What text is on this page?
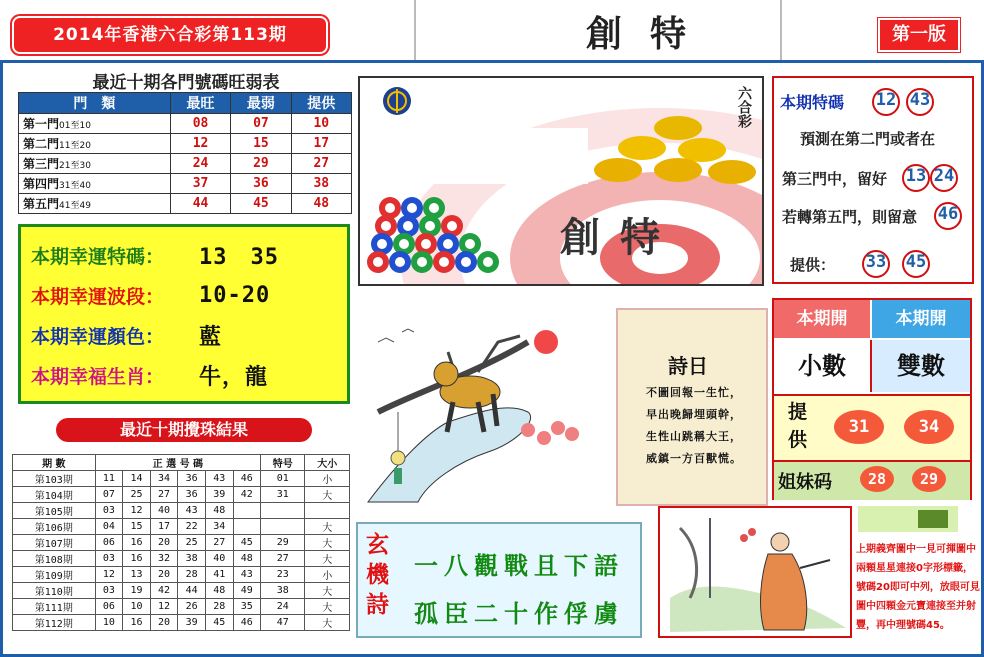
2014年香港六合彩第113期	創特	第一版
最近十期各門號碼旺弱表
門　類	最旺	最弱	提供
第一門01至10	08	07	10
第二門11至20	12	15	17
第三門21至30	24	29	27
第四門31至40	37	36	38
第五門41至49	44	45	48
本期幸運特碼：	13　35
本期幸運波段：	10-20
本期幸運顏色：	藍
本期幸福生肖：	牛，龍
最近十期攪珠結果
期 數	正 選 号 碼						特号	大小
第103期	11	14	34	36	43	46	01	小
第104期	07	25	27	36	39	42	31	大
第105期	03	12	40	43	48			
第106期	04	15	17	22	34			大
第107期	06	16	20	25	27	45	29	大
第108期	03	16	32	38	40	48	27	大
第109期	12	13	20	28	41	43	23	小
第110期	03	19	42	44	48	49	38	大
第111期	06	10	12	26	28	35	24	大
第112期	10	16	20	39	45	46	47	大
六合彩
創特
本期特碼 12 43
預測在第二門或者在
第三門中，留好 13 24
若轉第五門，則留意 46
提供： 33 45
詩日
不圖回報一生忙，
早出晚歸埋頭幹，
生性山跳稱大王，
威鎮一方百獸慌。
本期開	本期開
小數	雙數
提供
31	34
姐妹码	28	29
玄機詩
一八觀戰且下語
孤臣二十作俘虜
上期義齊圖中一見可揮圖中兩顆星星連接0字形標籤，號碼20即可中列，放眼可見圖中四顆金元寶連接至并射豐，再中理號碼45。
